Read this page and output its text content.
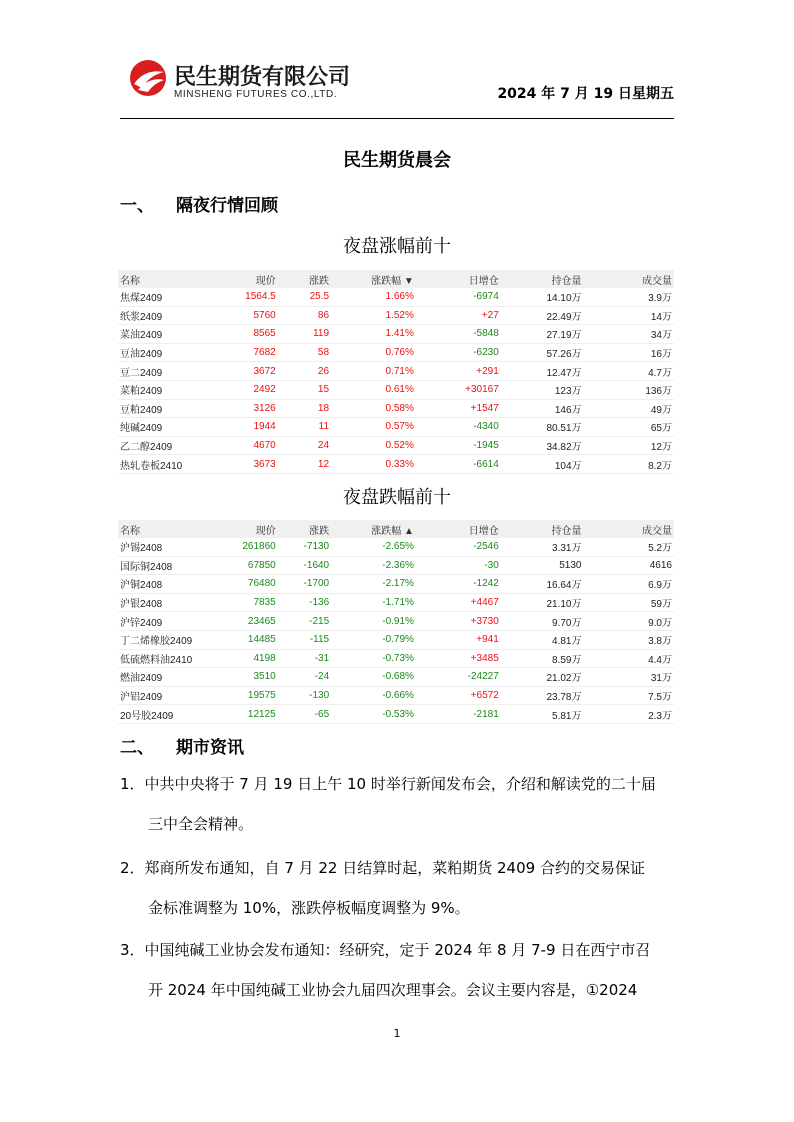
民生期货有限公司
MINSHENG FUTURES CO.,LTD.	2024 年 7 月 19 日星期五
民生期货晨会
一、 隔夜行情回顾
夜盘涨幅前十
名称	现价	涨跌	涨跌幅 ▼	日增仓	持仓量	成交量
焦煤2409	1564.5	25.5	1.66%	-6974	14.10万	3.9万
纸浆2409	5760	86	1.52%	+27	22.49万	14万
菜油2409	8565	119	1.41%	-5848	27.19万	34万
豆油2409	7682	58	0.76%	-6230	57.26万	16万
豆二2409	3672	26	0.71%	+291	12.47万	4.7万
菜粕2409	2492	15	0.61%	+30167	123万	136万
豆粕2409	3126	18	0.58%	+1547	146万	49万
纯碱2409	1944	11	0.57%	-4340	80.51万	65万
乙二醇2409	4670	24	0.52%	-1945	34.82万	12万
热轧卷板2410	3673	12	0.33%	-6614	104万	8.2万
夜盘跌幅前十
名称	现价	涨跌	涨跌幅 ▲	日增仓	持仓量	成交量
沪锡2408	261860	-7130	-2.65%	-2546	3.31万	5.2万
国际铜2408	67850	-1640	-2.36%	-30	5130	4616
沪铜2408	76480	-1700	-2.17%	-1242	16.64万	6.9万
沪银2408	7835	-136	-1.71%	+4467	21.10万	59万
沪锌2409	23465	-215	-0.91%	+3730	9.70万	9.0万
丁二烯橡胶2409	14485	-115	-0.79%	+941	4.81万	3.8万
低硫燃料油2410	4198	-31	-0.73%	+3485	8.59万	4.4万
燃油2409	3510	-24	-0.68%	-24227	21.02万	31万
沪铝2409	19575	-130	-0.66%	+6572	23.78万	7.5万
20号胶2409	12125	-65	-0.53%	-2181	5.81万	2.3万
二、 期市资讯
1．中共中央将于 7 月 19 日上午 10 时举行新闻发布会，介绍和解读党的二十届
三中全会精神。
2．郑商所发布通知，自 7 月 22 日结算时起，菜粕期货 2409 合约的交易保证
金标准调整为 10%，涨跌停板幅度调整为 9%。
3．中国纯碱工业协会发布通知：经研究，定于 2024 年 8 月 7-9 日在西宁市召
开 2024 年中国纯碱工业协会九届四次理事会。会议主要内容是，①2024
1
